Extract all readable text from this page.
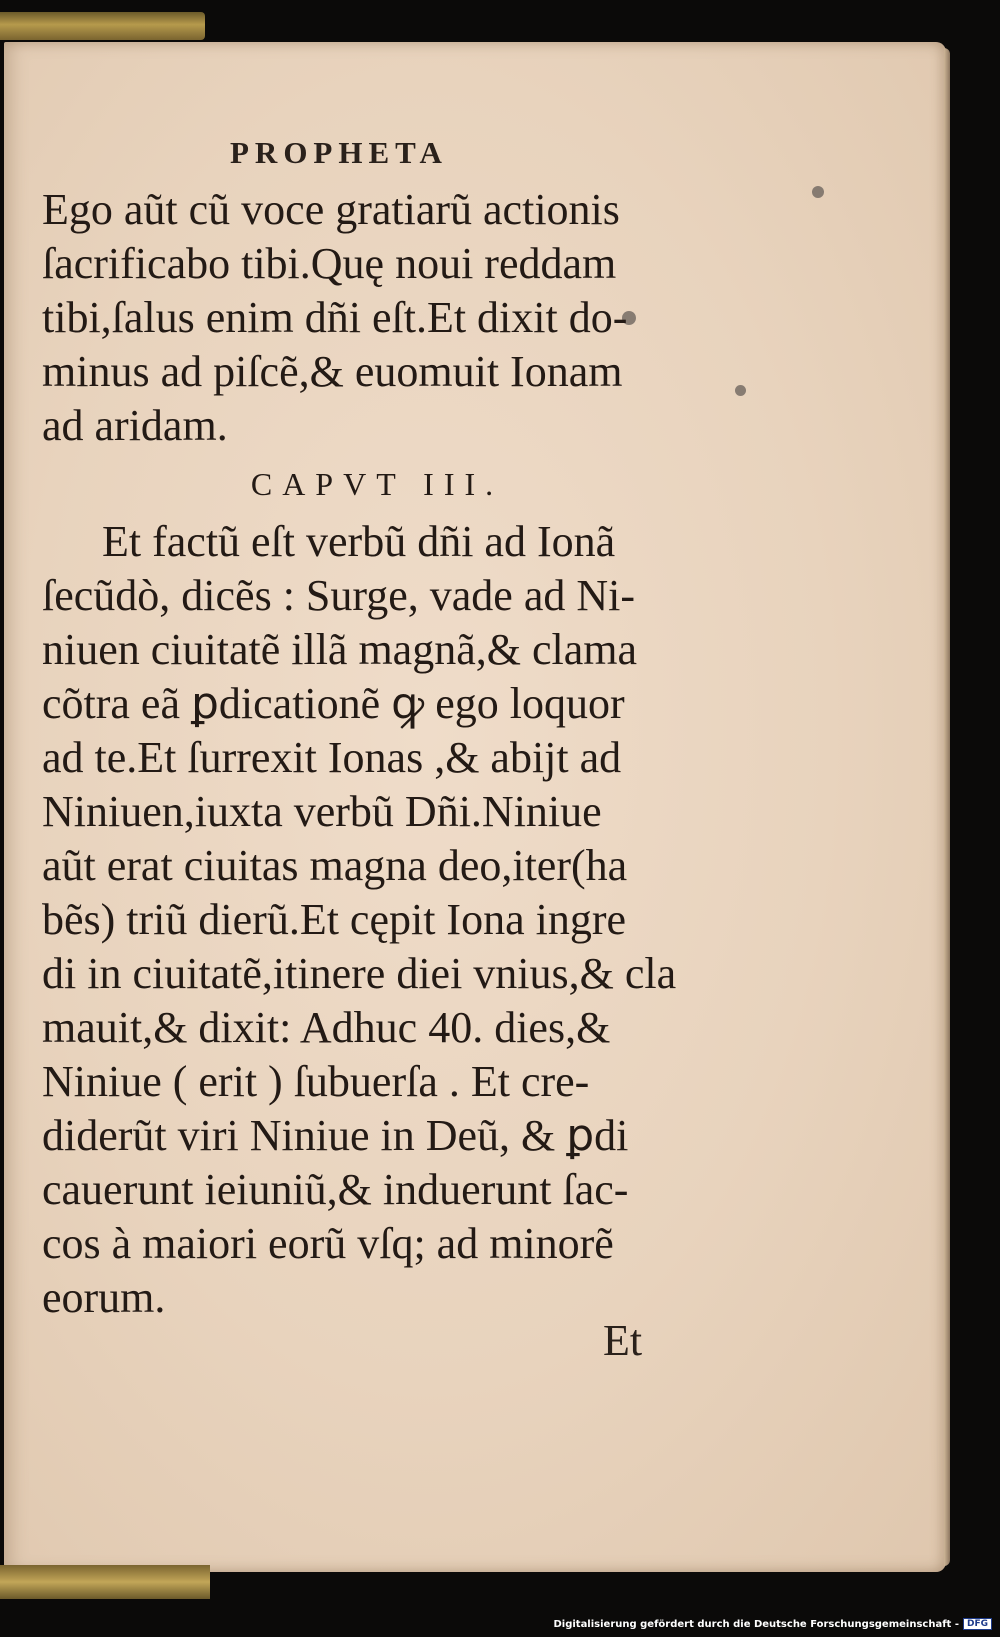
PROPHETA
Ego aũt cũ voce gratiarũ actionis
ſacrificabo tibi.Quę noui reddam
tibi,ſalus enim dñi eſt.Et dixit do-
minus ad piſcẽ,& euomuit Ionam
ad aridam.
CAPVT III.
Et factũ eſt verbũ dñi ad Ionã
ſecũdò, dicẽs : Surge, vade ad Ni-
niuen ciuitatẽ illã magnã,& clama
cõtra eã ꝑdicationẽ ꝙ ego loquor
ad te.Et ſurrexit Ionas ,& abijt ad
Niniuen,iuxta verbũ Dñi.Niniue
aũt erat ciuitas magna deo,iter(ha
bẽs) triũ dierũ.Et cępit Iona ingre
di in ciuitatẽ,itinere diei vnius,& cla
mauit,& dixit: Adhuc 40. dies,&
Niniue ( erit ) ſubuerſa . Et cre-
diderũt viri Niniue in Deũ, & ꝑdi
cauerunt ieiuniũ,& induerunt ſac-
cos à maiori eorũ vſq; ad minorẽ
eorum.
Et
Digitalisierung gefördert durch die Deutsche Forschungsgemeinschaft - DFG
